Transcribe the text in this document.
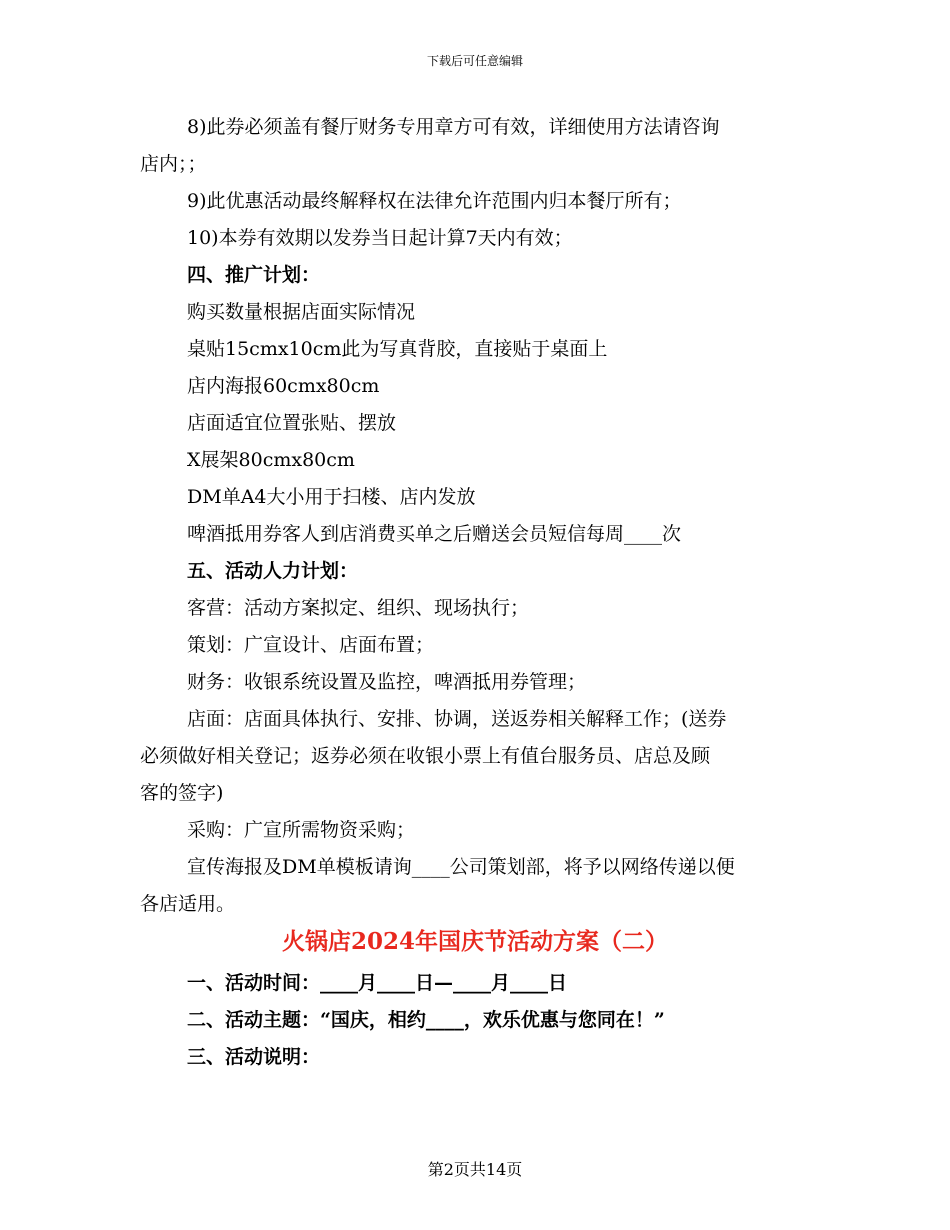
下载后可任意编辑
8)此券必须盖有餐厅财务专用章方可有效，详细使用方法请咨询
店内；；
9)此优惠活动最终解释权在法律允许范围内归本餐厅所有；
10)本券有效期以发券当日起计算7天内有效；
四、推广计划：
购买数量根据店面实际情况
桌贴15cmx10cm此为写真背胶，直接贴于桌面上
店内海报60cmx80cm
店面适宜位置张贴、摆放
X展架80cmx80cm
DM单A4大小用于扫楼、店内发放
啤酒抵用券客人到店消费买单之后赠送会员短信每周____次
五、活动人力计划：
客营：活动方案拟定、组织、现场执行；
策划：广宣设计、店面布置；
财务：收银系统设置及监控，啤酒抵用券管理；
店面：店面具体执行、安排、协调，送返券相关解释工作；(送券
必须做好相关登记；返券必须在收银小票上有值台服务员、店总及顾
客的签字)
采购：广宣所需物资采购；
宣传海报及DM单模板请询____公司策划部，将予以网络传递以便
各店适用。
火锅店2024年国庆节活动方案（二）
一、活动时间：____月____日—____月____日
二、活动主题：“国庆，相约____，欢乐优惠与您同在！”
三、活动说明：
第2页共14页
